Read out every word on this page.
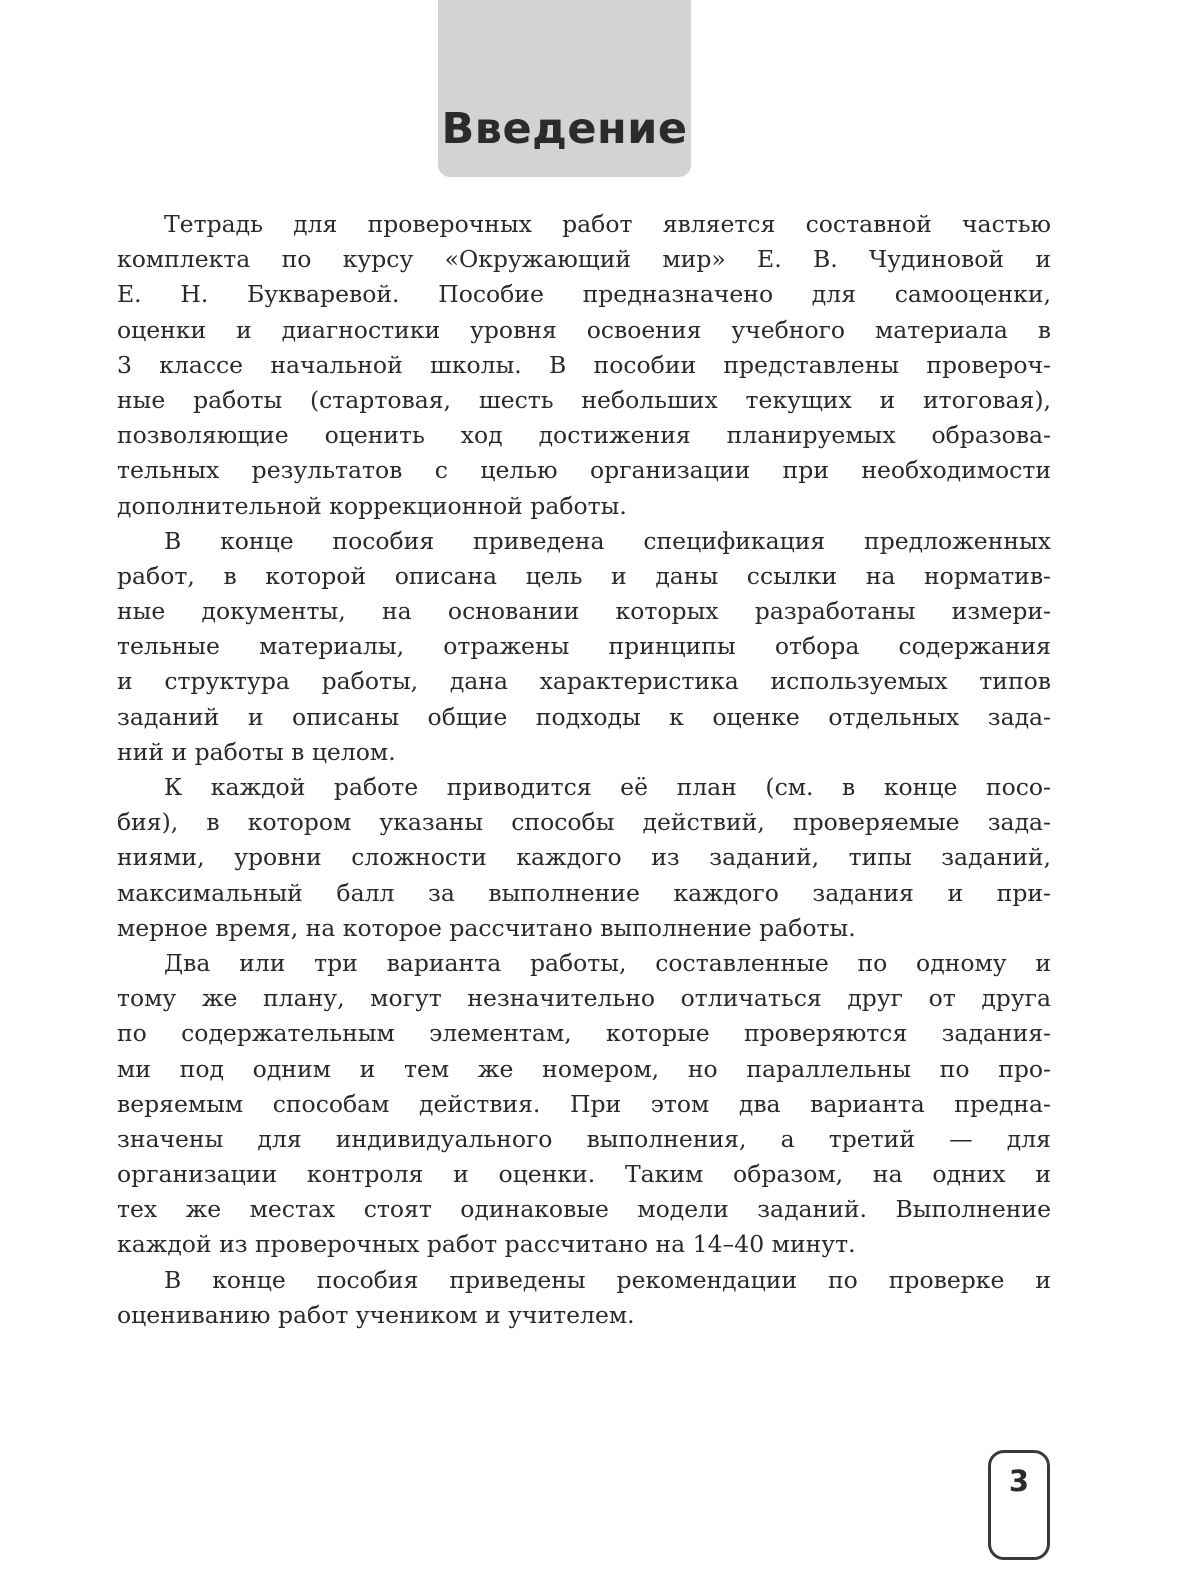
Введение
Тетрадь для проверочных работ является составной частью
комплекта по курсу «Окружающий мир» Е. В. Чудиновой и
Е. Н. Букваревой. Пособие предназначено для самооценки,
оценки и диагностики уровня освоения учебного материала в
3 классе начальной школы. В пособии представлены провероч-
ные работы (стартовая, шесть небольших текущих и итоговая),
позволяющие оценить ход достижения планируемых образова-
тельных результатов с целью организации при необходимости
дополнительной коррекционной работы.
В конце пособия приведена спецификация предложенных
работ, в которой описана цель и даны ссылки на норматив-
ные документы, на основании которых разработаны измери-
тельные материалы, отражены принципы отбора содержания
и структура работы, дана характеристика используемых типов
заданий и описаны общие подходы к оценке отдельных зада-
ний и работы в целом.
К каждой работе приводится её план (см. в конце посо-
бия), в котором указаны способы действий, проверяемые зада-
ниями, уровни сложности каждого из заданий, типы заданий,
максимальный балл за выполнение каждого задания и при-
мерное время, на которое рассчитано выполнение работы.
Два или три варианта работы, составленные по одному и
тому же плану, могут незначительно отличаться друг от друга
по содержательным элементам, которые проверяются задания-
ми под одним и тем же номером, но параллельны по про-
веряемым способам действия. При этом два варианта предна-
значены для индивидуального выполнения, а третий — для
организации контроля и оценки. Таким образом, на одних и
тех же местах стоят одинаковые модели заданий. Выполнение
каждой из проверочных работ рассчитано на 14–40 минут.
В конце пособия приведены рекомендации по проверке и
оцениванию работ учеником и учителем.
3
